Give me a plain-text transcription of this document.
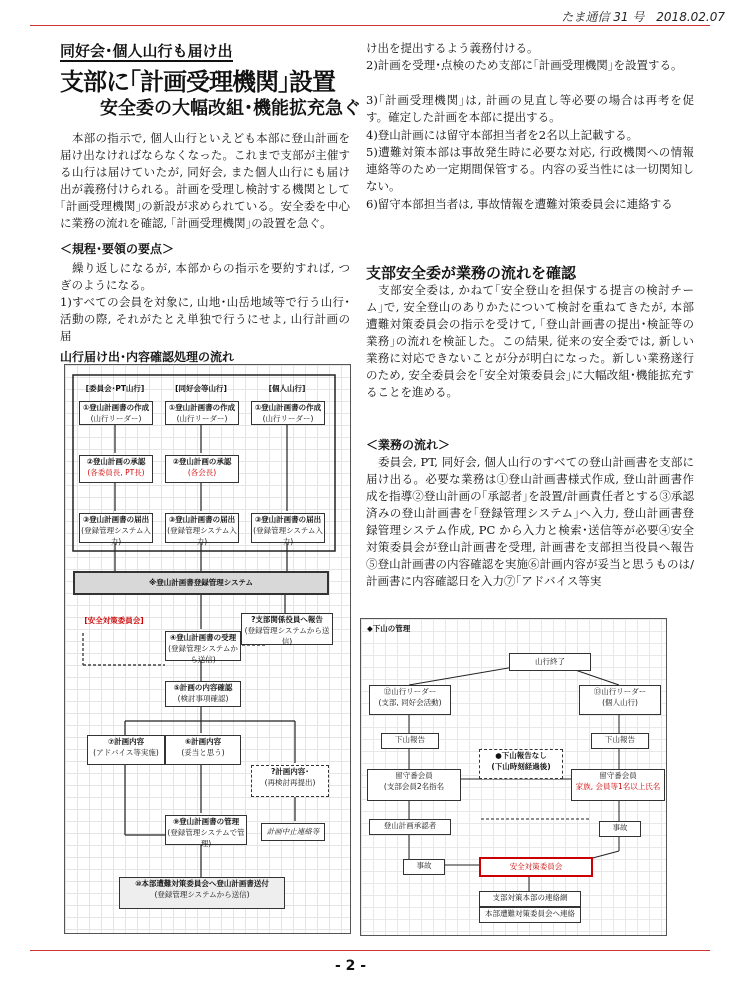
たま通信 31 号　2018.02.07
同好会･個人山行も届け出
支部に｢計画受理機関｣設置
安全委の大幅改組･機能拡充急ぐ
本部の指示で, 個人山行といえども本部に登山計画を届け出なければならなくなった。これまで支部が主催する山行は届けていたが, 同好会, また個人山行にも届け出が義務付けられる。計画を受理し検討する機関として｢計画受理機関｣の新設が求められている。安全委を中心に業務の流れを確認, ｢計画受理機関｣の設置を急ぐ。
＜規程･要領の要点＞
繰り返しになるが, 本部からの指示を要約すれば, つぎのようになる。
1)すべての会員を対象に, 山地･山岳地域等で行う山行･活動の際, それがたとえ単独で行うにせよ, 山行計画の届
け出を提出するよう義務付ける。
2)計画を受理･点検のため支部に｢計画受理機関｣を設置する。
3)｢計画受理機関｣は, 計画の見直し等必要の場合は再考を促す。確定した計画を本部に提出する。
4)登山計画には留守本部担当者を2名以上記載する。
5)遭難対策本部は事故発生時に必要な対応, 行政機関への情報連絡等のため一定期間保管する。内容の妥当性には一切関知しない。
6)留守本部担当者は, 事故情報を遭難対策委員会に連絡する
支部安全委が業務の流れを確認
支部安全委は, かねて｢安全登山を担保する提言の検討チーム｣で, 安全登山のありかたについて検討を重ねてきたが, 本部遭難対策委員会の指示を受けて, ｢登山計画書の提出･検証等の業務｣の流れを検証した。この結果, 従来の安全委では, 新しい業務に対応できないことが分が明白になった。新しい業務遂行のため, 安全委員会を｢安全対策委員会｣に大幅改組･機能拡充することを進める。
＜業務の流れ＞
委員会, PT, 同好会, 個人山行のすべての登山計画書を支部に届け出る。必要な業務は①登山計画書様式作成, 登山計画書作成を指導②登山計画の｢承認者｣を設置/計画責任者とする③承認済みの登山計画書を｢登録管理システム｣へ入力, 登山計画書登録管理システム作成, PC から入力と検索･送信等が必要④安全対策委員会が登山計画書を受理, 計画書を支部担当役員へ報告⑤登山計画書の内容確認を実施⑥計画内容が妥当と思うものは/計画書に内容確認日を入力⑦｢アドバイス等実
山行届け出･内容確認処理の流れ
[委員会･PT山行]	[同好会等山行]	[個人山行]
①登山計画書の作成
(山行リーダー)
①登山計画書の作成
(山行リーダー)
①登山計画書の作成
(山行リーダー)
②登山計画の承認
(各委員長, PT長)
②登山計画の承認
(各会長)
③登山計画書の届出
(登録管理システム入力)
③登山計画書の届出
(登録管理システム入力)
③登山計画書の届出
(登録管理システム入力)
※登山計画書登録管理システム
[安全対策委員会]	?支部関係役員へ報告
(登録管理システムから送信)
④登山計画書の受理
(登録管理システムから送信)
⑤計画の内容確認
(検討事項確認)
⑦計画内容
(アドバイス等実施)
⑥計画内容
(妥当と思う)
?計画内容･
(再検討再提出)
⑨登山計画書の管理
(登録管理システムで管理)
計画中止連絡等
⑩本部遭難対策委員会へ登山計画書送付
(登録管理システムから送信)
◆下山の管理
山行終了
⑫山行リーダー
(支部, 同好会活動)
⑬山行リーダー
(個人山行)
下山報告	下山報告
●下山報告なし
(下山時刻経過後)
留守番会員
(支部会員2名指名
留守番会員
家族, 会員等1名以上氏名
登山計画承認者	事故
事故	安全対策委員会
支部対策本部の連絡網
本部遭難対策委員会へ連絡
- 2 -
